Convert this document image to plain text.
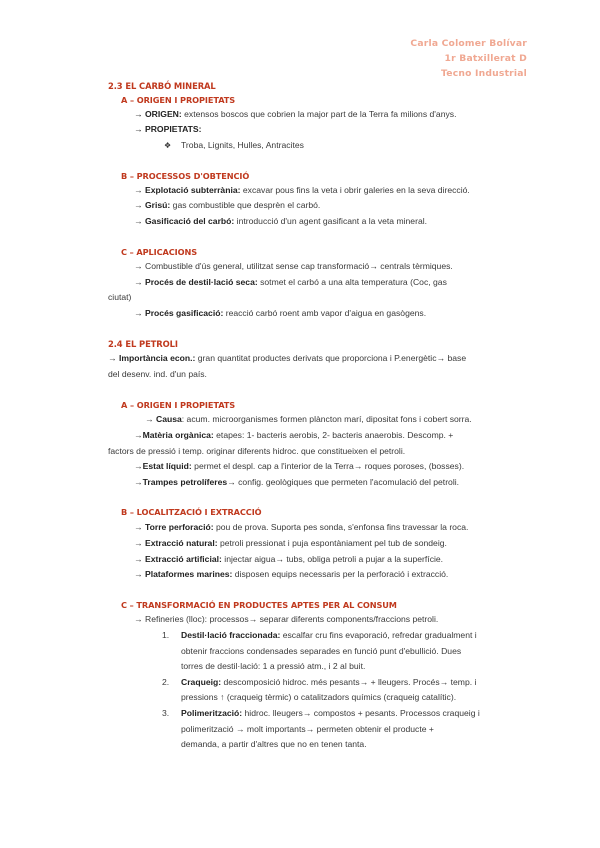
Carla Colomer Bolívar
1r Batxillerat D
Tecno Industrial
2.3 EL CARBÓ MINERAL
A – ORIGEN I PROPIETATS
→ ORIGEN: extensos boscos que cobrien la major part de la Terra fa milions d'anys.
→ PROPIETATS:
❖ Troba, Lignits, Hulles, Antracites
B – PROCESSOS D'OBTENCIÓ
→ Explotació subterrània: excavar pous fins la veta i obrir galeries en la seva direcció.
→ Grisú: gas combustible que desprèn el carbó.
→ Gasificació del carbó: introducció d'un agent gasificant a la veta mineral.
C – APLICACIONS
→ Combustible d'ús general, utilitzat sense cap transformació→ centrals tèrmiques.
→ Procés de destil·lació seca: sotmet el carbó a una alta temperatura (Coc, gas
ciutat)
→ Procés gasificació: reacció carbó roent amb vapor d'aigua en gasògens.
2.4 EL PETROLI
→ Importància econ.: gran quantitat productes derivats que proporciona i P.energètic→ base
del desenv. ind. d'un país.
A – ORIGEN I PROPIETATS
→ Causa: acum. microorganismes formen plàncton marí, dipositat fons i cobert sorra.
→Matèria orgànica: etapes: 1- bacteris aerobis, 2- bacteris anaerobis. Descomp. +
factors de pressió i temp. originar diferents hidroc. que constitueixen el petroli.
→Estat líquid: permet el despl. cap a l'interior de la Terra→ roques poroses, (bosses).
→Trampes petrolíferes→ config. geològiques que permeten l'acomulació del petroli.
B – LOCALITZACIÓ I EXTRACCIÓ
→ Torre perforació: pou de prova. Suporta pes sonda, s'enfonsa fins travessar la roca.
→ Extracció natural: petroli pressionat i puja espontàniament pel tub de sondeig.
→ Extracció artificial: injectar aigua→ tubs, obliga petroli a pujar a la superfície.
→ Plataformes marines: disposen equips necessaris per la perforació i extracció.
C – TRANSFORMACIÓ EN PRODUCTES APTES PER AL CONSUM
→ Refineries (lloc): processos→ separar diferents components/fraccions petroli.
1. Destil·lació fraccionada: escalfar cru fins evaporació, refredar gradualment i
obtenir fraccions condensades separades en funció punt d'ebullició. Dues
torres de destil·lació: 1 a pressió atm., i 2 al buit.
2. Craqueig: descomposició hidroc. més pesants→ + lleugers. Procés→ temp. i
pressions ↑ (craqueig tèrmic) o catalitzadors químics (craqueig catalític).
3. Polimerització: hidroc. lleugers→ compostos + pesants. Processos craqueig i
polimerització → molt importants→ permeten obtenir el producte +
demanda, a partir d'altres que no en tenen tanta.
